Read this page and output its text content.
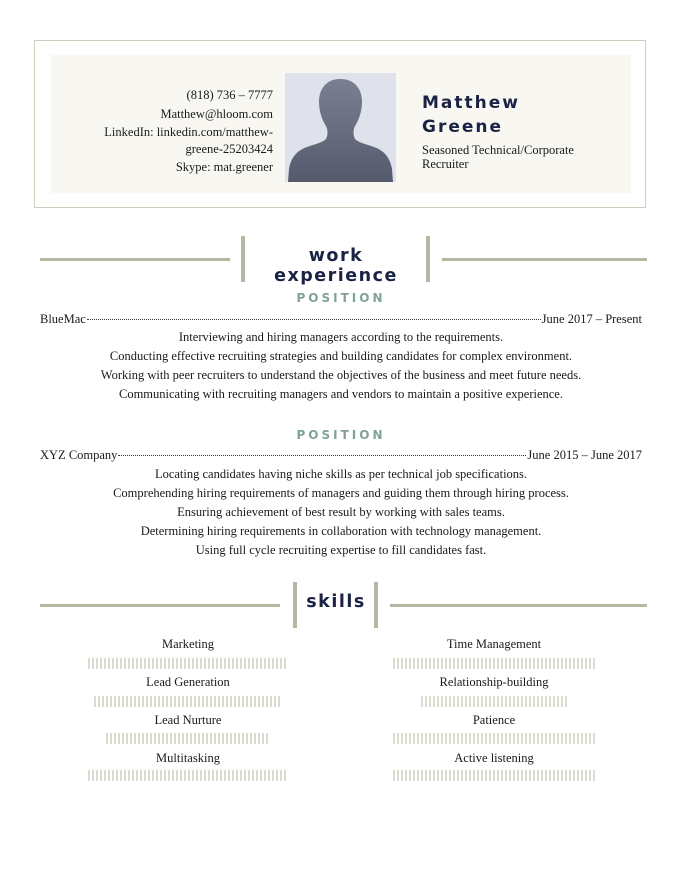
(818) 736 – 7777
Matthew@hloom.com
LinkedIn: linkedin.com/matthew-
greene-25203424
Skype: mat.greener
Matthew
Greene
Seasoned Technical/Corporate Recruiter
work experience
POSITION
BlueMac	June 2017 – Present
Interviewing and hiring managers according to the requirements.
Conducting effective recruiting strategies and building candidates for complex environment.
Working with peer recruiters to understand the objectives of the business and meet future needs.
Communicating with recruiting managers and vendors to maintain a positive experience.
POSITION
XYZ Company	June 2015 – June 2017
Locating candidates having niche skills as per technical job specifications.
Comprehending hiring requirements of managers and guiding them through hiring process.
Ensuring achievement of best result by working with sales teams.
Determining hiring requirements in collaboration with technology management.
Using full cycle recruiting expertise to fill candidates fast.
skills
Marketing
Lead Generation
Lead Nurture
Multitasking
Time Management
Relationship-building
Patience
Active listening
